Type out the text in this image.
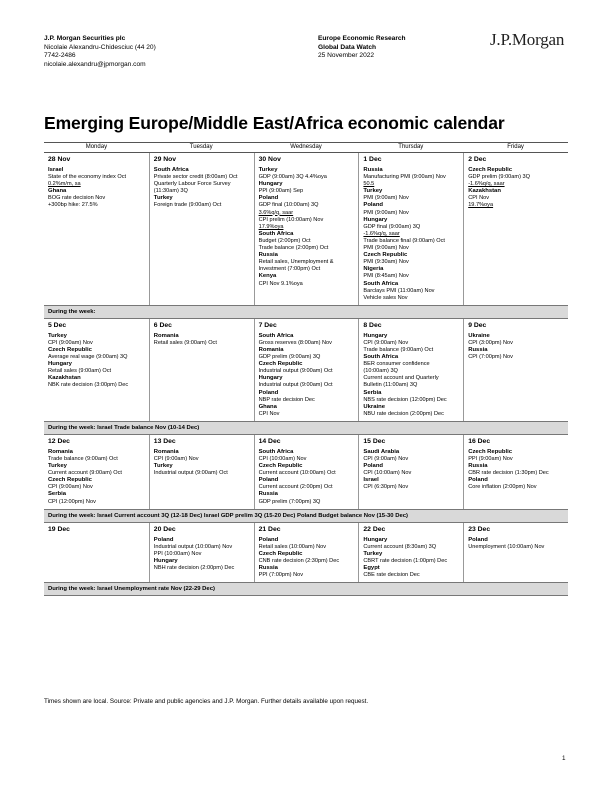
J.P. Morgan Securities plc
Nicolaie Alexandru-Chidesciuc (44 20)
7742-2486
nicolaie.alexandru@jpmorgan.com
Europe Economic Research
Global Data Watch
25 November 2022
J.P.Morgan
Emerging Europe/Middle East/Africa economic calendar
Monday	Tuesday	Wednesday	Thursday	Friday
28 Nov
Israel
State of the economy index Oct
0.2%m/m, sa
Ghana
BOG rate decision Nov
+300bp hike: 27.5%
29 Nov
South Africa
Private sector credit (8:00am) Oct
Quarterly Labour Force Survey
(11:30am) 3Q
Turkey
Foreign trade (9:00am) Oct
30 Nov
Turkey
GDP (9:00am) 3Q 4.4%oya
Hungary
PPI (9:00am) Sep
Poland
GDP final (10:00am) 3Q
3.6%q/q, saar
CPI prelim (10:00am) Nov
17.9%oya
South Africa
Budget (2:00pm) Oct
Trade balance (2:00pm) Oct
Russia
Retail sales, Unemployment &
Investment (7:00pm) Oct
Kenya
CPI Nov 9.1%oya
1 Dec
Russia
Manufacturing PMI (9:00am) Nov
50.5
Turkey
PMI (9:00am) Nov
Poland
PMI (9:00am) Nov
Hungary
GDP final (9:00am) 3Q
-1.6%q/q, saar
Trade balance final (9:00am) Oct
PMI (9:00am) Nov
Czech Republic
PMI (9:30am) Nov
Nigeria
PMI (8:45am) Nov
South Africa
Barclays PMI (11:00am) Nov
Vehicle sales Nov
2 Dec
Czech Republic
GDP prelim (9:00am) 3Q
-1.6%q/q, saar
Kazakhstan
CPI Nov
19.7%oya
During the week:
5 Dec
Turkey
CPI (9:00am) Nov
Czech Republic
Average real wage (9:00am) 3Q
Hungary
Retail sales (9:00am) Oct
Kazakhstan
NBK rate decision (3:00pm) Dec
6 Dec
Romania
Retail sales (9:00am) Oct
7 Dec
South Africa
Gross reserves (8:00am) Nov
Romania
GDP prelim (9:00am) 3Q
Czech Republic
Industrial output (9:00am) Oct
Hungary
Industrial output (9:00am) Oct
Poland
NBP rate decision Dec
Ghana
CPI Nov
8 Dec
Hungary
CPI (9:00am) Nov
Trade balance (9:00am) Oct
South Africa
BER consumer confidence
(10:00am) 3Q
Current account and Quarterly
Bulletin (11:00am) 3Q
Serbia
NBS rate decision (12:00pm) Dec
Ukraine
NBU rate decision (2:00pm) Dec
9 Dec
Ukraine
CPI (3:00pm) Nov
Russia
CPI (7:00pm) Nov
During the week: Israel Trade balance Nov (10-14 Dec)
12 Dec
Romania
Trade balance (9:00am) Oct
Turkey
Current account (9:00am) Oct
Czech Republic
CPI (9:00am) Nov
Serbia
CPI (12:00pm) Nov
13 Dec
Romania
CPI (9:00am) Nov
Turkey
Industrial output (9:00am) Oct
14 Dec
South Africa
CPI (10:00am) Nov
Czech Republic
Current account (10:00am) Oct
Poland
Current account (2:00pm) Oct
Russia
GDP prelim (7:00pm) 3Q
15 Dec
Saudi Arabia
CPI (9:00am) Nov
Poland
CPI (10:00am) Nov
Israel
CPI (6:30pm) Nov
16 Dec
Czech Republic
PPI (9:00am) Nov
Russia
CBR rate decision (1:30pm) Dec
Poland
Core inflation (2:00pm) Nov
During the week: Israel Current account 3Q (12-18 Dec) Israel GDP prelim 3Q (15-20 Dec) Poland Budget balance Nov (15-30 Dec)
19 Dec	20 Dec
Poland
Industrial output (10:00am) Nov
PPI (10:00am) Nov
Hungary
NBH rate decision (2:00pm) Dec
21 Dec
Poland
Retail sales (10:00am) Nov
Czech Republic
CNB rate decision (2:30pm) Dec
Russia
PPI (7:00pm) Nov
22 Dec
Hungary
Current account (8:30am) 3Q
Turkey
CBRT rate decision (1:00pm) Dec
Egypt
CBE rate decision Dec
23 Dec
Poland
Unemployment (10:00am) Nov
During the week: Israel Unemployment rate Nov (22-29 Dec)
Times shown are local. Source: Private and public agencies and J.P. Morgan. Further details available upon request.
1
